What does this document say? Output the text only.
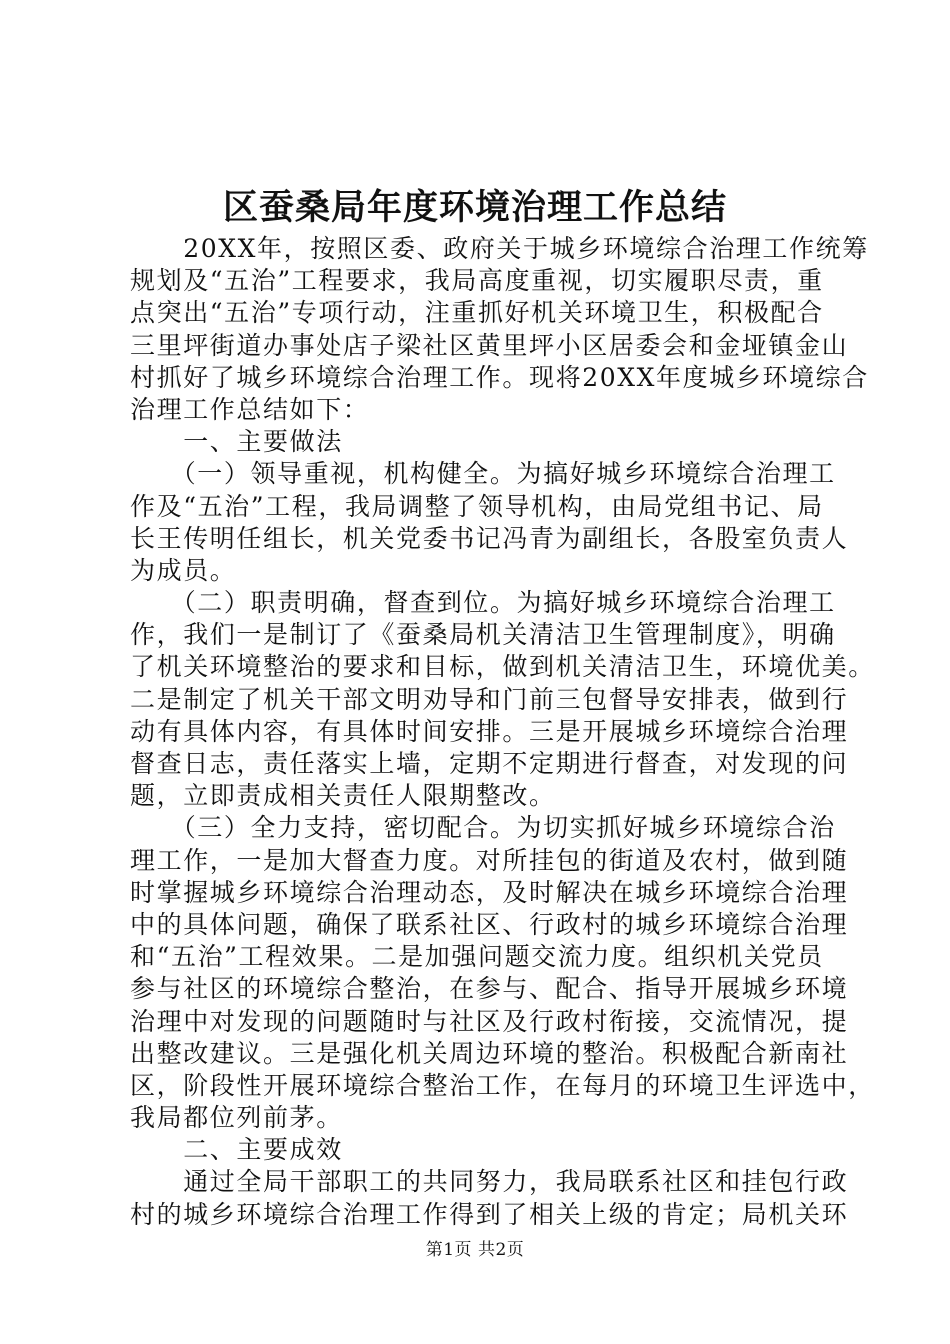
区蚕桑局年度环境治理工作总结
　　20XX年，按照区委、政府关于城乡环境综合治理工作统筹
规划及“五治”工程要求，我局高度重视，切实履职尽责，重
点突出“五治”专项行动，注重抓好机关环境卫生，积极配合
三里坪街道办事处店子梁社区黄里坪小区居委会和金垭镇金山
村抓好了城乡环境综合治理工作。现将20XX年度城乡环境综合
治理工作总结如下：
　　一、主要做法
　　（一）领导重视，机构健全。为搞好城乡环境综合治理工
作及“五治”工程，我局调整了领导机构，由局党组书记、局
长王传明任组长，机关党委书记冯青为副组长，各股室负责人
为成员。
　　（二）职责明确，督查到位。为搞好城乡环境综合治理工
作，我们一是制订了《蚕桑局机关清洁卫生管理制度》，明确
了机关环境整治的要求和目标，做到机关清洁卫生，环境优美。
二是制定了机关干部文明劝导和门前三包督导安排表，做到行
动有具体内容，有具体时间安排。三是开展城乡环境综合治理
督查日志，责任落实上墙，定期不定期进行督查，对发现的问
题，立即责成相关责任人限期整改。
　　（三）全力支持，密切配合。为切实抓好城乡环境综合治
理工作，一是加大督查力度。对所挂包的街道及农村，做到随
时掌握城乡环境综合治理动态，及时解决在城乡环境综合治理
中的具体问题，确保了联系社区、行政村的城乡环境综合治理
和“五治”工程效果。二是加强问题交流力度。组织机关党员
参与社区的环境综合整治，在参与、配合、指导开展城乡环境
治理中对发现的问题随时与社区及行政村衔接，交流情况，提
出整改建议。三是强化机关周边环境的整治。积极配合新南社
区，阶段性开展环境综合整治工作，在每月的环境卫生评选中，
我局都位列前茅。
　　二、主要成效
　　通过全局干部职工的共同努力，我局联系社区和挂包行政
村的城乡环境综合治理工作得到了相关上级的肯定；局机关环
第1页 共2页
